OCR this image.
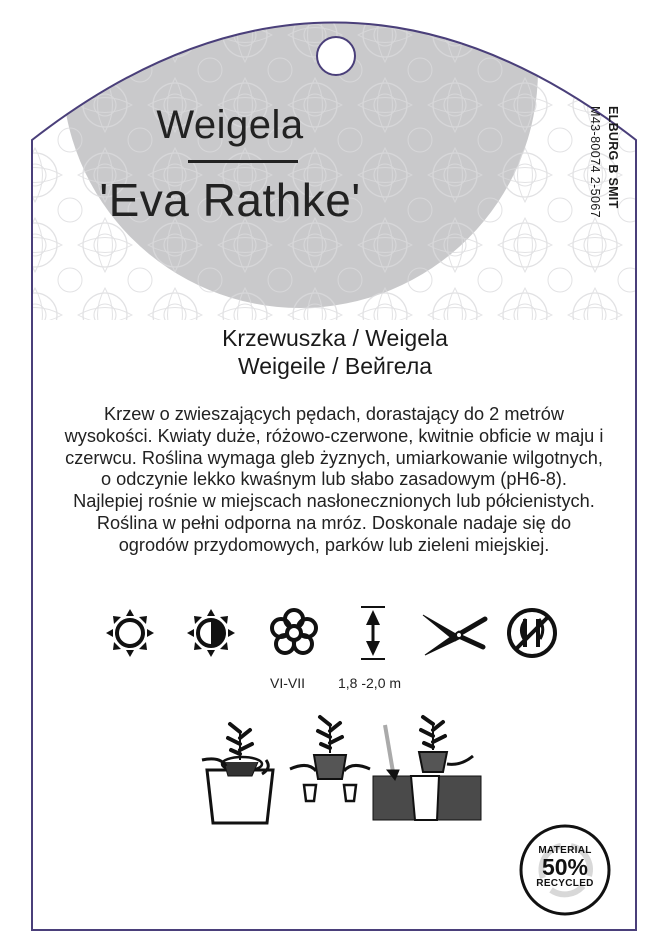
Weigela
'Eva Rathke'	ELBURG B SMIT
M43-80074 2-5067
Krzewuszka / Weigela
Weigeile / Вейгела
Krzew o zwieszających pędach, dorastający do 2 metrów wysokości. Kwiaty duże, różowo-czerwone, kwitnie obficie w maju i czerwcu. Roślina wymaga gleb żyznych, umiarkowanie wilgotnych, o odczynie lekko kwaśnym lub słabo zasadowym (pH6-8). Najlepiej rośnie w miejscach nasłonecznionych lub półcienistych. Roślina w pełni odporna na mróz. Doskonale nadaje się do ogrodów przydomowych, parków lub zieleni miejskiej.
VI-VII 1,8 -2,0 m
MATERIAL
50%
RECYCLED
